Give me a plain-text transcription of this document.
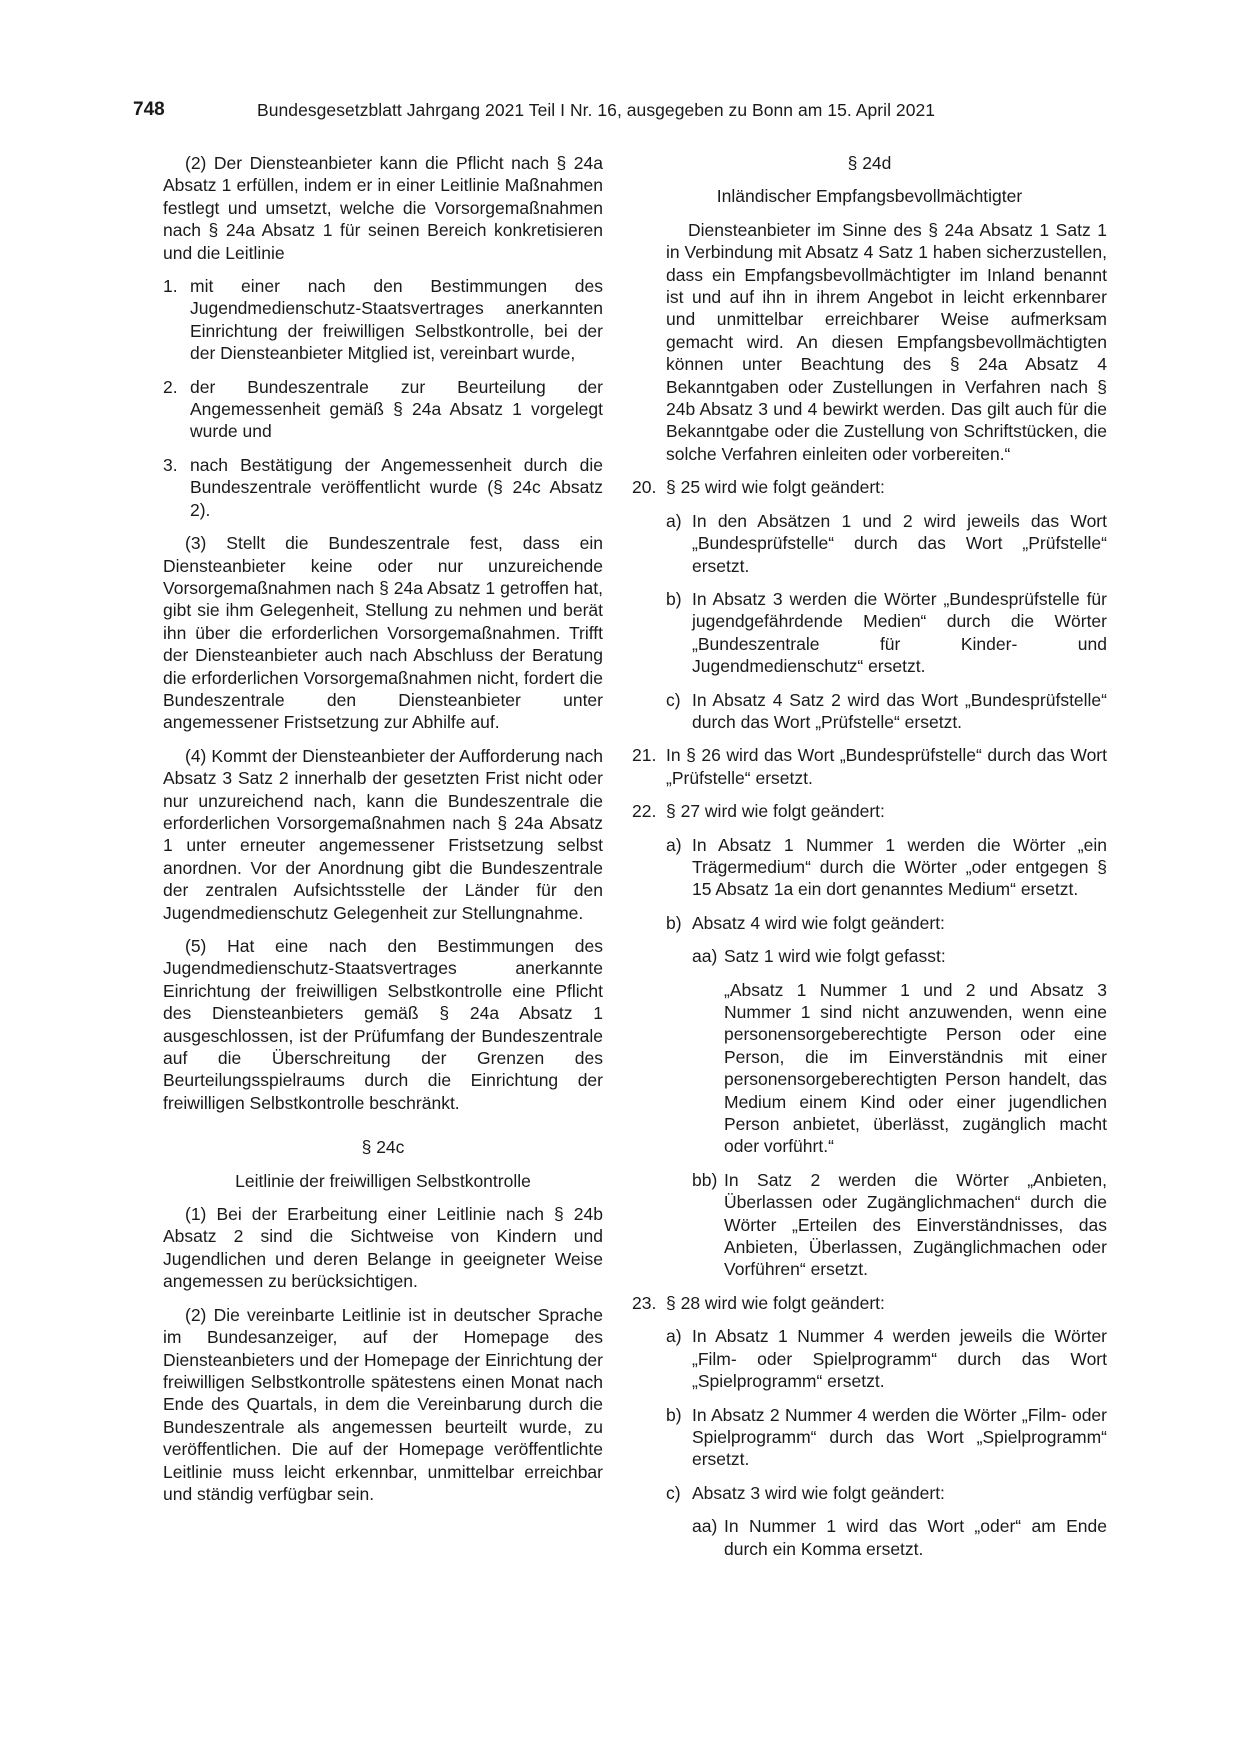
748	Bundesgesetzblatt Jahrgang 2021 Teil I Nr. 16, ausgegeben zu Bonn am 15. April 2021

(2) Der Diensteanbieter kann die Pflicht nach § 24a Absatz 1 erfüllen, indem er in einer Leitlinie Maßnahmen festlegt und umsetzt, welche die Vorsorgemaßnahmen nach § 24a Absatz 1 für seinen Bereich konkretisieren und die Leitlinie

1. mit einer nach den Bestimmungen des Jugendmedienschutz-Staatsvertrages anerkannten Einrichtung der freiwilligen Selbstkontrolle, bei der der Diensteanbieter Mitglied ist, vereinbart wurde,
2. der Bundeszentrale zur Beurteilung der Angemessenheit gemäß § 24a Absatz 1 vorgelegt wurde und
3. nach Bestätigung der Angemessenheit durch die Bundeszentrale veröffentlicht wurde (§ 24c Absatz 2).

(3) Stellt die Bundeszentrale fest, dass ein Diensteanbieter keine oder nur unzureichende Vorsorgemaßnahmen nach § 24a Absatz 1 getroffen hat, gibt sie ihm Gelegenheit, Stellung zu nehmen und berät ihn über die erforderlichen Vorsorgemaßnahmen. Trifft der Diensteanbieter auch nach Abschluss der Beratung die erforderlichen Vorsorgemaßnahmen nicht, fordert die Bundeszentrale den Diensteanbieter unter angemessener Fristsetzung zur Abhilfe auf.

(4) Kommt der Diensteanbieter der Aufforderung nach Absatz 3 Satz 2 innerhalb der gesetzten Frist nicht oder nur unzureichend nach, kann die Bundeszentrale die erforderlichen Vorsorgemaßnahmen nach § 24a Absatz 1 unter erneuter angemessener Fristsetzung selbst anordnen. Vor der Anordnung gibt die Bundeszentrale der zentralen Aufsichtsstelle der Länder für den Jugendmedienschutz Gelegenheit zur Stellungnahme.

(5) Hat eine nach den Bestimmungen des Jugendmedienschutz-Staatsvertrages anerkannte Einrichtung der freiwilligen Selbstkontrolle eine Pflicht des Diensteanbieters gemäß § 24a Absatz 1 ausgeschlossen, ist der Prüfumfang der Bundeszentrale auf die Überschreitung der Grenzen des Beurteilungsspielraums durch die Einrichtung der freiwilligen Selbstkontrolle beschränkt.

§ 24c

Leitlinie der freiwilligen Selbstkontrolle

(1) Bei der Erarbeitung einer Leitlinie nach § 24b Absatz 2 sind die Sichtweise von Kindern und Jugendlichen und deren Belange in geeigneter Weise angemessen zu berücksichtigen.

(2) Die vereinbarte Leitlinie ist in deutscher Sprache im Bundesanzeiger, auf der Homepage des Diensteanbieters und der Homepage der Einrichtung der freiwilligen Selbstkontrolle spätestens einen Monat nach Ende des Quartals, in dem die Vereinbarung durch die Bundeszentrale als angemessen beurteilt wurde, zu veröffentlichen. Die auf der Homepage veröffentlichte Leitlinie muss leicht erkennbar, unmittelbar erreichbar und ständig verfügbar sein.

§ 24d

Inländischer Empfangsbevollmächtigter

Diensteanbieter im Sinne des § 24a Absatz 1 Satz 1 in Verbindung mit Absatz 4 Satz 1 haben sicherzustellen, dass ein Empfangsbevollmächtigter im Inland benannt ist und auf ihn in ihrem Angebot in leicht erkennbarer und unmittelbar erreichbarer Weise aufmerksam gemacht wird. An diesen Empfangsbevollmächtigten können unter Beachtung des § 24a Absatz 4 Bekanntgaben oder Zustellungen in Verfahren nach § 24b Absatz 3 und 4 bewirkt werden. Das gilt auch für die Bekanntgabe oder die Zustellung von Schriftstücken, die solche Verfahren einleiten oder vorbereiten.“

20. § 25 wird wie folgt geändert:
a) In den Absätzen 1 und 2 wird jeweils das Wort „Bundesprüfstelle“ durch das Wort „Prüfstelle“ ersetzt.
b) In Absatz 3 werden die Wörter „Bundesprüfstelle für jugendgefährdende Medien“ durch die Wörter „Bundeszentrale für Kinder- und Jugendmedienschutz“ ersetzt.
c) In Absatz 4 Satz 2 wird das Wort „Bundesprüfstelle“ durch das Wort „Prüfstelle“ ersetzt.
21. In § 26 wird das Wort „Bundesprüfstelle“ durch das Wort „Prüfstelle“ ersetzt.
22. § 27 wird wie folgt geändert:
a) In Absatz 1 Nummer 1 werden die Wörter „ein Trägermedium“ durch die Wörter „oder entgegen § 15 Absatz 1a ein dort genanntes Medium“ ersetzt.
b) Absatz 4 wird wie folgt geändert:
aa) Satz 1 wird wie folgt gefasst:

„Absatz 1 Nummer 1 und 2 und Absatz 3 Nummer 1 sind nicht anzuwenden, wenn eine personensorgeberechtigte Person oder eine Person, die im Einverständnis mit einer personensorgeberechtigten Person handelt, das Medium einem Kind oder einer jugendlichen Person anbietet, überlässt, zugänglich macht oder vorführt.“

bb) In Satz 2 werden die Wörter „Anbieten, Überlassen oder Zugänglichmachen“ durch die Wörter „Erteilen des Einverständnisses, das Anbieten, Überlassen, Zugänglichmachen oder Vorführen“ ersetzt.
23. § 28 wird wie folgt geändert:
a) In Absatz 1 Nummer 4 werden jeweils die Wörter „Film- oder Spielprogramm“ durch das Wort „Spielprogramm“ ersetzt.
b) In Absatz 2 Nummer 4 werden die Wörter „Film- oder Spielprogramm“ durch das Wort „Spielprogramm“ ersetzt.
c) Absatz 3 wird wie folgt geändert:
aa) In Nummer 1 wird das Wort „oder“ am Ende durch ein Komma ersetzt.
